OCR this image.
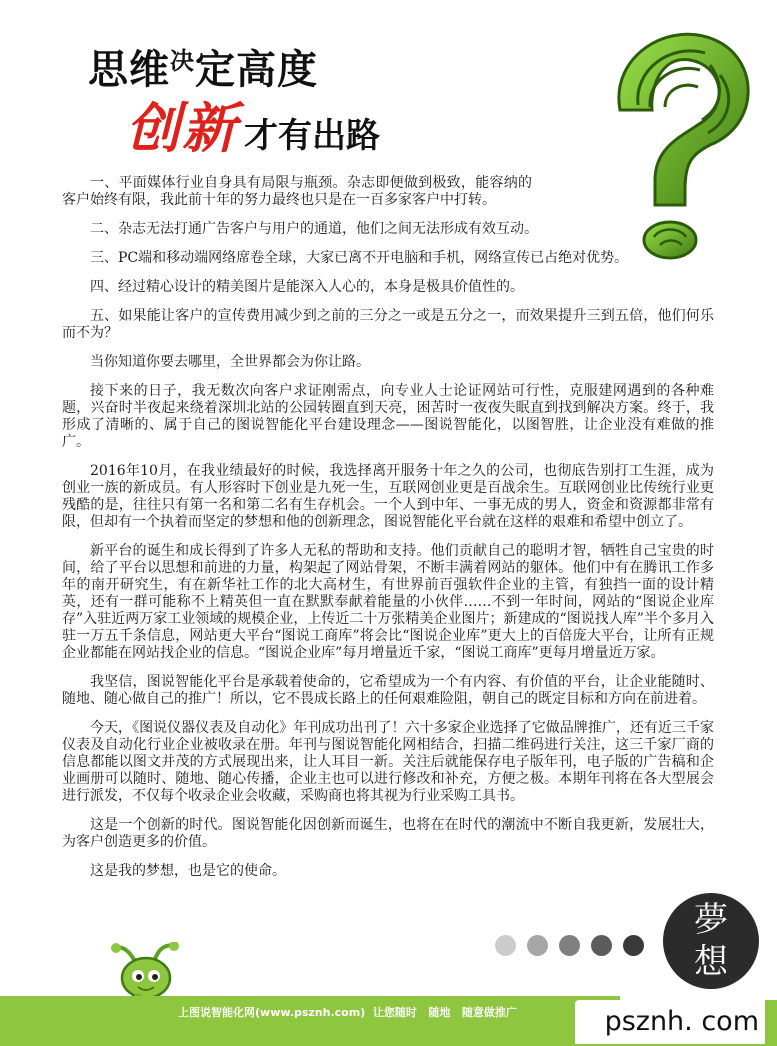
思维$^决$定高度
创新 才有出路

一、平面媒体行业自身具有局限与瓶颈。杂志即便做到极致，能容纳的客户始终有限，我此前十年的努力最终也只是在一百多家客户中打转。

二、杂志无法打通广告客户与用户的通道，他们之间无法形成有效互动。

三、PC端和移动端网络席卷全球，大家已离不开电脑和手机，网络宣传已占绝对优势。

四、经过精心设计的精美图片是能深入人心的，本身是极具价值性的。

五、如果能让客户的宣传费用减少到之前的三分之一或是五分之一，而效果提升三到五倍，他们何乐而不为？

当你知道你要去哪里，全世界都会为你让路。

接下来的日子，我无数次向客户求证刚需点，向专业人士论证网站可行性，克服建网遇到的各种难题，兴奋时半夜起来绕着深圳北站的公园转圈直到天亮，困苦时一夜夜失眠直到找到解决方案。终于，我形成了清晰的、属于自己的图说智能化平台建设理念——图说智能化，以图智胜，让企业没有难做的推广。

2016年10月，在我业绩最好的时候，我选择离开服务十年之久的公司，也彻底告别打工生涯，成为创业一族的新成员。有人形容时下创业是九死一生，互联网创业更是百战余生。互联网创业比传统行业更残酷的是，往往只有第一名和第二名有生存机会。一个人到中年、一事无成的男人，资金和资源都非常有限，但却有一个执着而坚定的梦想和他的创新理念，图说智能化平台就在这样的艰难和希望中创立了。

新平台的诞生和成长得到了许多人无私的帮助和支持。他们贡献自己的聪明才智，牺牲自己宝贵的时间，给了平台以思想和前进的力量，构架起了网站骨架，不断丰满着网站的躯体。他们中有在腾讯工作多年的南开研究生，有在新华社工作的北大高材生，有世界前百强软件企业的主管，有独挡一面的设计精英，还有一群可能称不上精英但一直在默默奉献着能量的小伙伴……不到一年时间，网站的“图说企业库存”入驻近两万家工业领域的规模企业，上传近二十万张精美企业图片；新建成的“图说找人库”半个多月入驻一万五千条信息，网站更大平台“图说工商库”将会比“图说企业库”更大上的百倍庞大平台，让所有正规企业都能在网站找企业的信息。“图说企业库”每月增量近千家，“图说工商库”更每月增量近万家。

我坚信，图说智能化平台是承载着使命的，它希望成为一个有内容、有价值的平台，让企业能随时、随地、随心做自己的推广！所以，它不畏成长路上的任何艰难险阻，朝自己的既定目标和方向在前进着。

今天，《图说仪器仪表及自动化》年刊成功出刊了！六十多家企业选择了它做品牌推广，还有近三千家仪表及自动化行业企业被收录在册。年刊与图说智能化网相结合，扫描二维码进行关注，这三千家厂商的信息都能以图文并茂的方式展现出来，让人耳目一新。关注后就能保存电子版年刊，电子版的广告稿和企业画册可以随时、随地、随心传播，企业主也可以进行修改和补充，方便之极。本期年刊将在各大型展会进行派发，不仅每个收录企业会收藏，采购商也将其视为行业采购工具书。

这是一个创新的时代。图说智能化因创新而诞生，也将在在时代的潮流中不断自我更新，发展壮大，为客户创造更多的价值。

这是我的梦想，也是它的使命。

夢
想
上图说智能化网(www.psznh.com)  让您随时   随地   随意做推广	psznh. com
